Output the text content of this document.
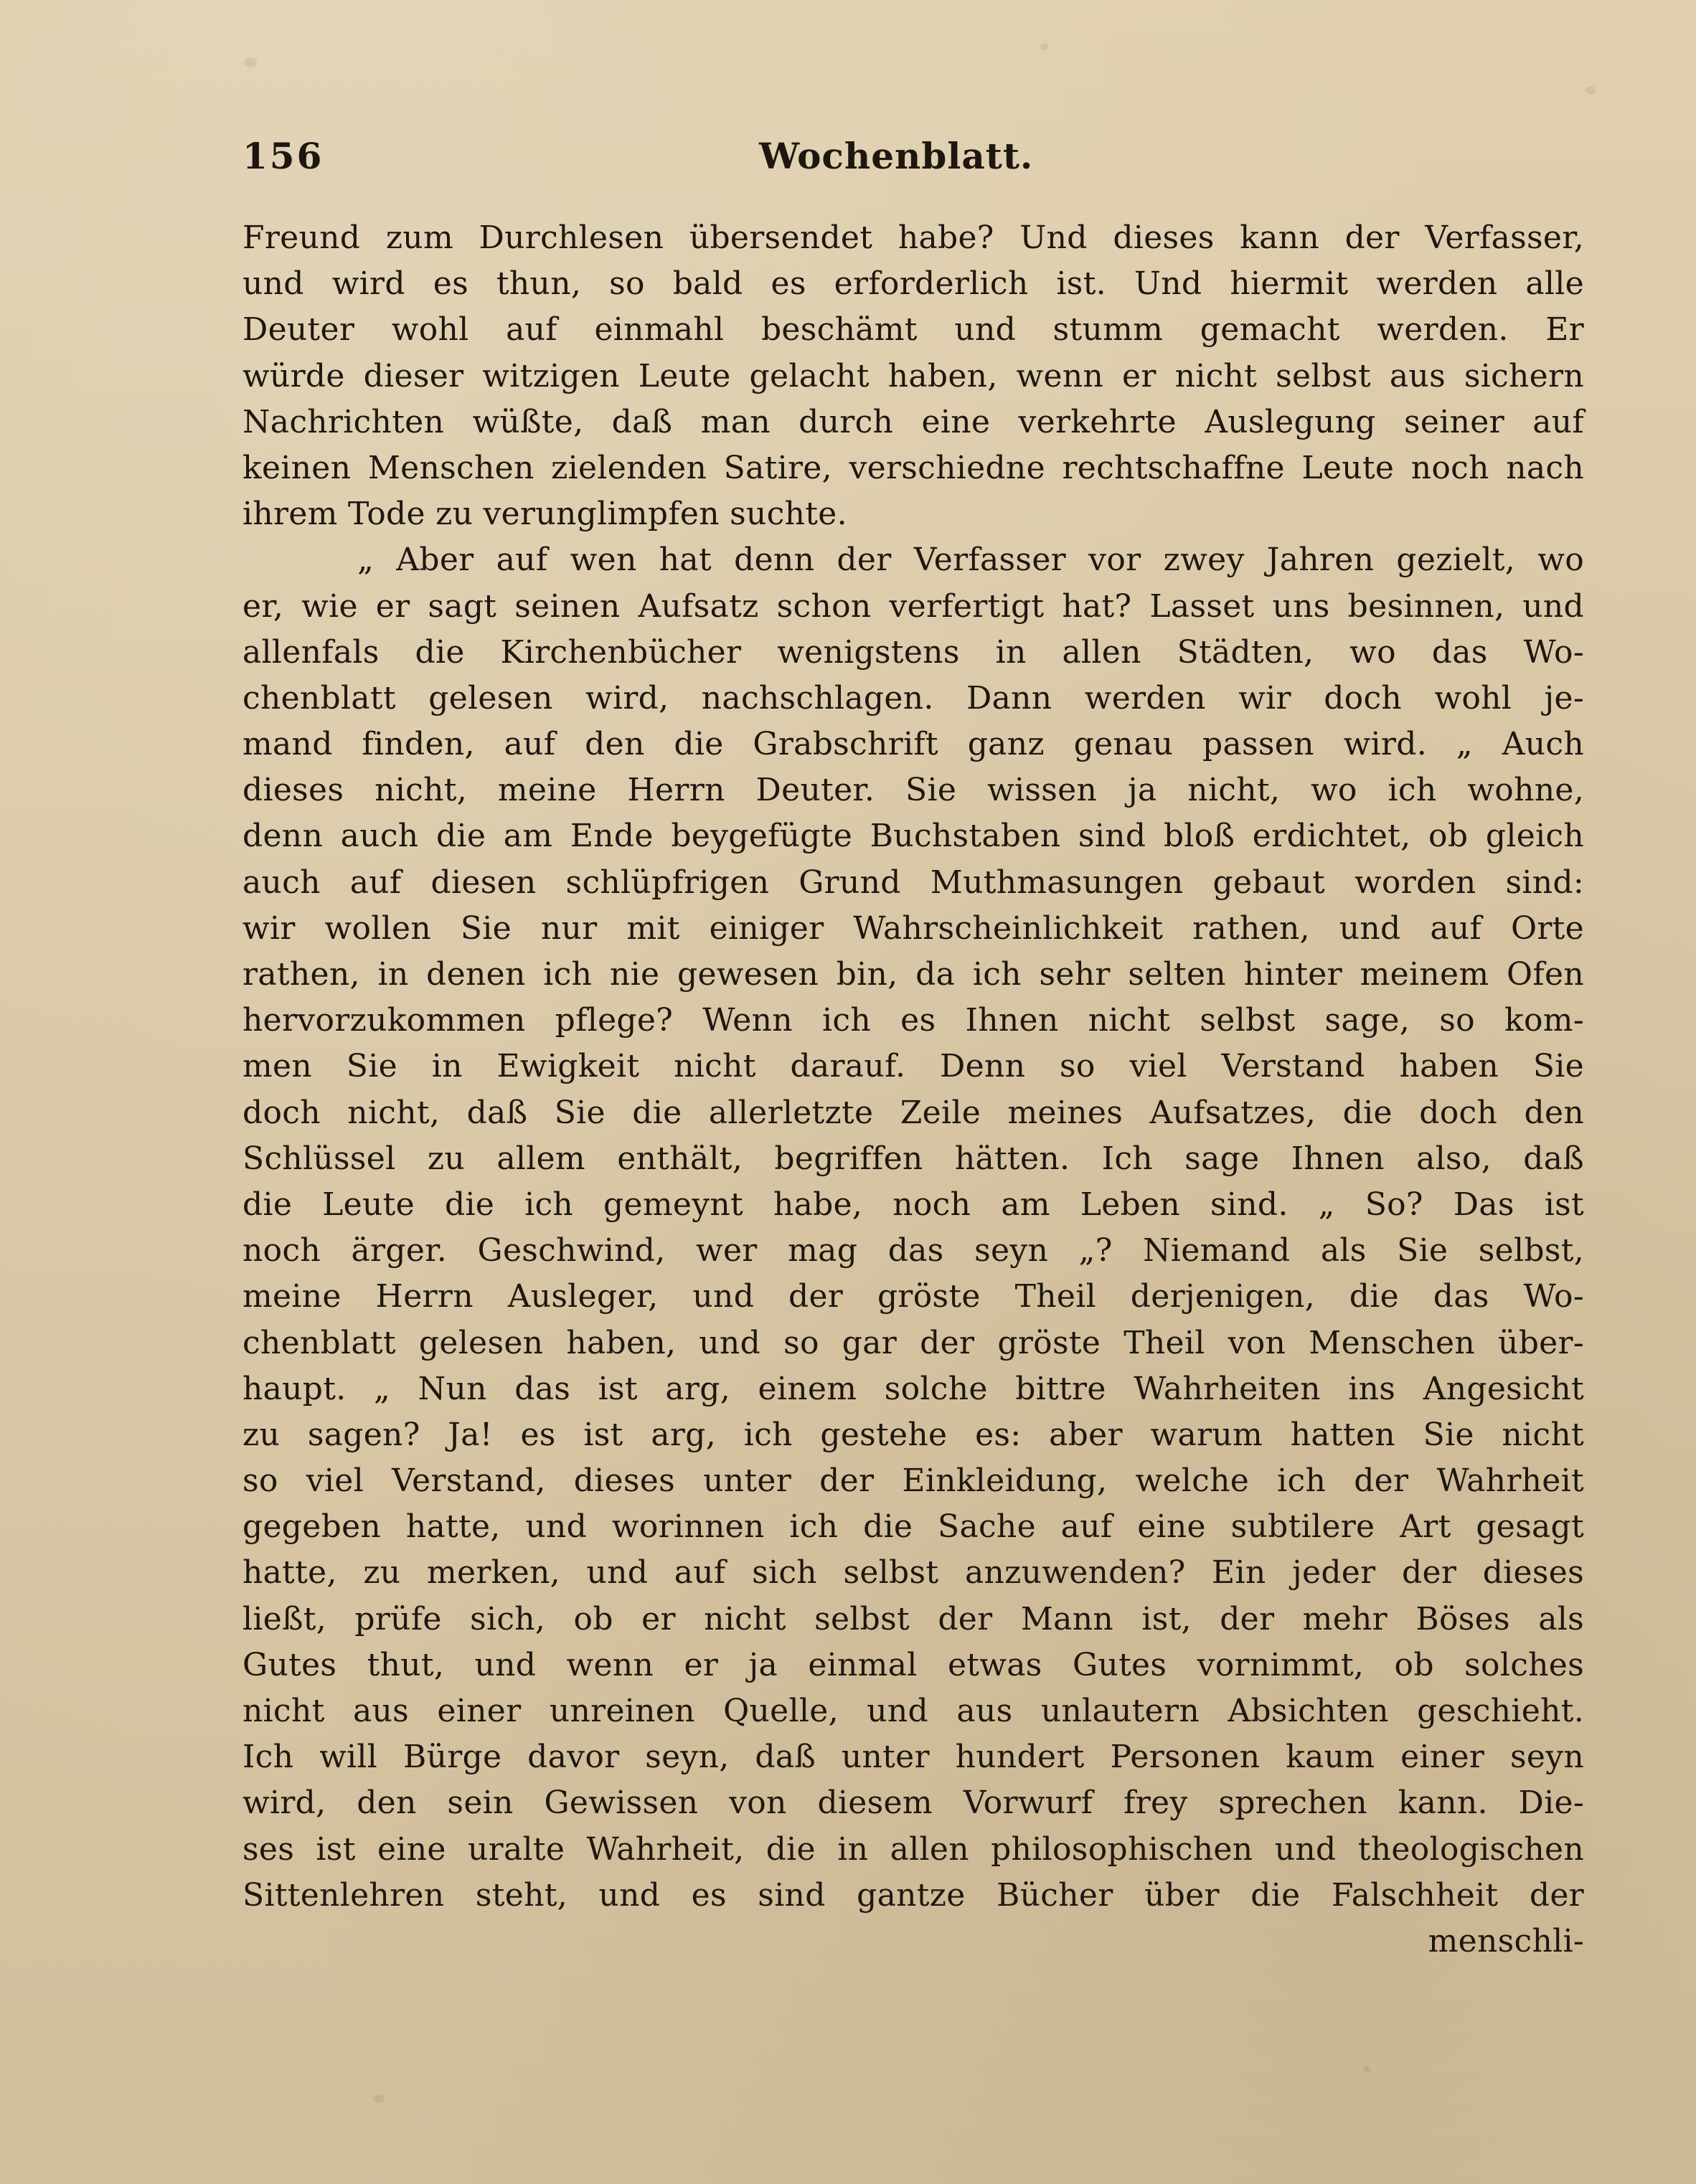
156	Wochenblatt.
Freund zum Durchlesen übersendet habe? Und dieses kann der Verfasser,
und wird es thun, so bald es erforderlich ist. Und hiermit werden alle
Deuter wohl auf einmahl beschämt und stumm gemacht werden. Er
würde dieser witzigen Leute gelacht haben, wenn er nicht selbst aus sichern
Nachrichten wüßte, daß man durch eine verkehrte Auslegung seiner auf
keinen Menschen zielenden Satire, verschiedne rechtschaffne Leute noch nach
ihrem Tode zu verunglimpfen suchte.
„ Aber auf wen hat denn der Verfasser vor zwey Jahren gezielt, wo
er, wie er sagt seinen Aufsatz schon verfertigt hat? Lasset uns besinnen, und
allenfals die Kirchenbücher wenigstens in allen Städten, wo das Wo-
chenblatt gelesen wird, nachschlagen. Dann werden wir doch wohl je-
mand finden, auf den die Grabschrift ganz genau passen wird. „ Auch
dieses nicht, meine Herrn Deuter. Sie wissen ja nicht, wo ich wohne,
denn auch die am Ende beygefügte Buchstaben sind bloß erdichtet, ob gleich
auch auf diesen schlüpfrigen Grund Muthmasungen gebaut worden sind:
wir wollen Sie nur mit einiger Wahrscheinlichkeit rathen, und auf Orte
rathen, in denen ich nie gewesen bin, da ich sehr selten hinter meinem Ofen
hervorzukommen pflege? Wenn ich es Ihnen nicht selbst sage, so kom-
men Sie in Ewigkeit nicht darauf. Denn so viel Verstand haben Sie
doch nicht, daß Sie die allerletzte Zeile meines Aufsatzes, die doch den
Schlüssel zu allem enthält, begriffen hätten. Ich sage Ihnen also, daß
die Leute die ich gemeynt habe, noch am Leben sind. „ So? Das ist
noch ärger. Geschwind, wer mag das seyn „? Niemand als Sie selbst,
meine Herrn Ausleger, und der gröste Theil derjenigen, die das Wo-
chenblatt gelesen haben, und so gar der gröste Theil von Menschen über-
haupt. „ Nun das ist arg, einem solche bittre Wahrheiten ins Angesicht
zu sagen? Ja! es ist arg, ich gestehe es: aber warum hatten Sie nicht
so viel Verstand, dieses unter der Einkleidung, welche ich der Wahrheit
gegeben hatte, und worinnen ich die Sache auf eine subtilere Art gesagt
hatte, zu merken, und auf sich selbst anzuwenden? Ein jeder der dieses
ließt, prüfe sich, ob er nicht selbst der Mann ist, der mehr Böses als
Gutes thut, und wenn er ja einmal etwas Gutes vornimmt, ob solches
nicht aus einer unreinen Quelle, und aus unlautern Absichten geschieht.
Ich will Bürge davor seyn, daß unter hundert Personen kaum einer seyn
wird, den sein Gewissen von diesem Vorwurf frey sprechen kann. Die-
ses ist eine uralte Wahrheit, die in allen philosophischen und theologischen
Sittenlehren steht, und es sind gantze Bücher über die Falschheit der
menschli-
